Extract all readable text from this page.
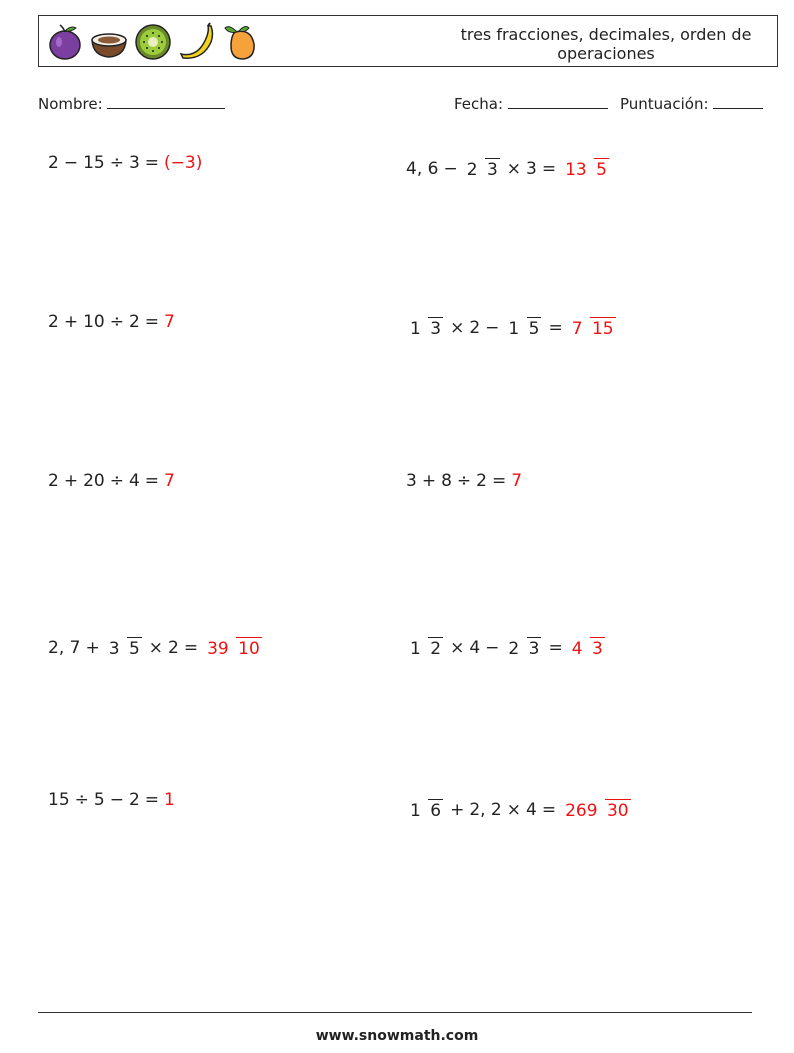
tres fracciones, decimales, orden de
operaciones
Nombre:	Fecha:	Puntuación:
2 − 15 ÷ 3 = (−3)	4, 6 − 2 3 × 3 = 13 5
2 + 10 ÷ 2 = 7	1 3 × 2 − 1 5 = 7 15
2 + 20 ÷ 4 = 7	3 + 8 ÷ 2 = 7
2, 7 + 3 5 × 2 = 39 10	1 2 × 4 − 2 3 = 4 3
15 ÷ 5 − 2 = 1
1 6 + 2, 2 × 4 = 269 30
www.snowmath.com
